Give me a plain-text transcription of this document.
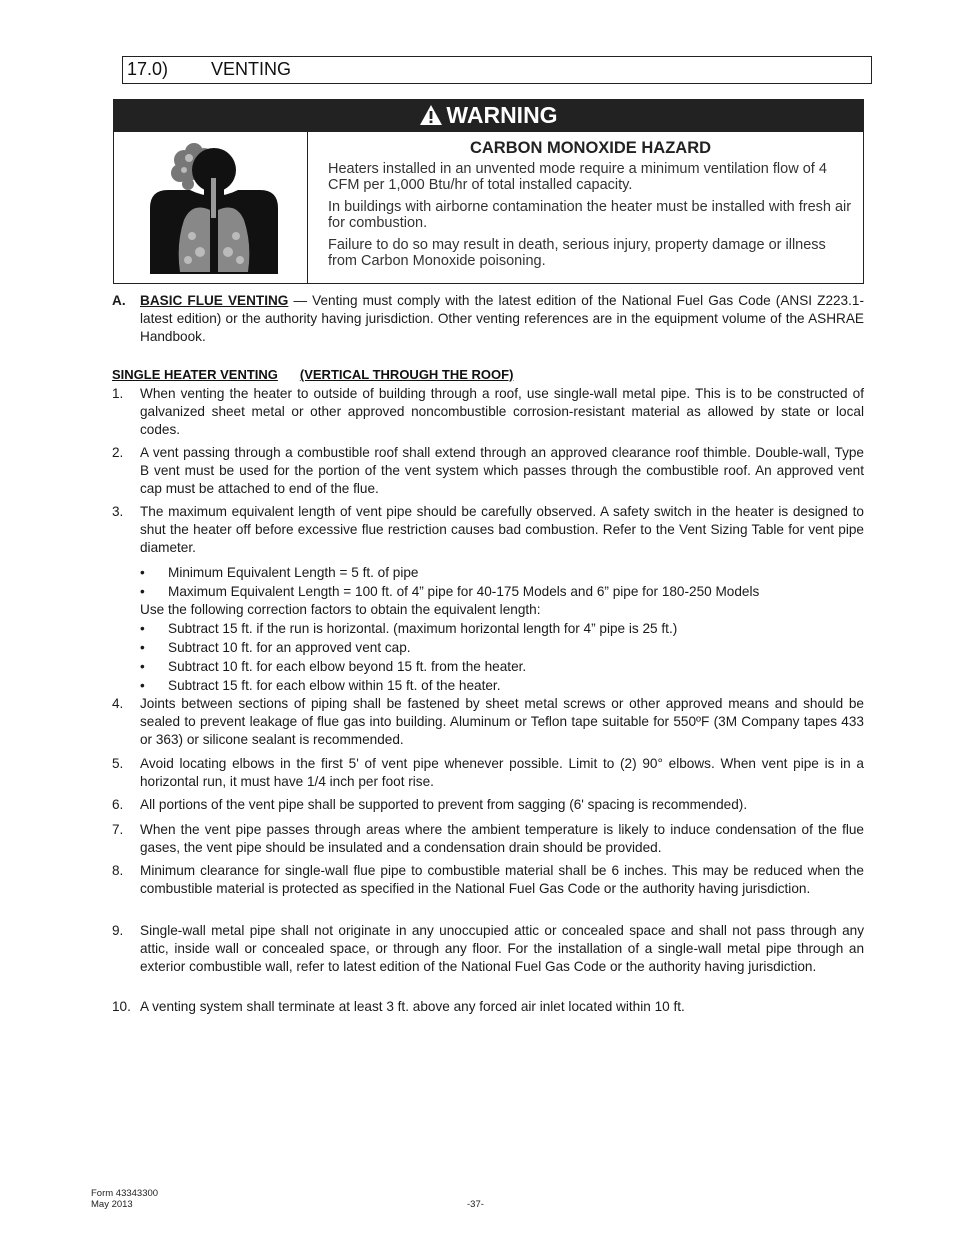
17.0) VENTING
WARNING
CARBON MONOXIDE HAZARD

Heaters installed in an unvented mode require a minimum ventilation flow of 4 CFM per 1,000 Btu/hr of total installed capacity.

In buildings with airborne contamination the heater must be installed with fresh air for combustion.

Failure to do so may result in death, serious injury, property damage or illness from Carbon Monoxide poisoning.

A.	BASIC FLUE VENTING — Venting must comply with the latest edition of the National Fuel Gas Code (ANSI Z223.1-latest edition) or the authority having jurisdiction. Other venting references are in the equipment volume of the ASHRAE Handbook.
SINGLE HEATER VENTING (VERTICAL THROUGH THE ROOF)
1.	When venting the heater to outside of building through a roof, use single-wall metal pipe. This is to be constructed of galvanized sheet metal or other approved noncombustible corrosion-resistant material as allowed by state or local codes.
2.	A vent passing through a combustible roof shall extend through an approved clearance roof thimble. Double-wall, Type B vent must be used for the portion of the vent system which passes through the combustible roof. An approved vent cap must be attached to end of the flue.
3.	The maximum equivalent length of vent pipe should be carefully observed. A safety switch in the heater is designed to shut the heater off before excessive flue restriction causes bad combustion. Refer to the Vent Sizing Table for vent pipe diameter.
• Minimum Equivalent Length = 5 ft. of pipe
• Maximum Equivalent Length = 100 ft. of 4” pipe for 40-175 Models and 6” pipe for 180-250 Models
Use the following correction factors to obtain the equivalent length:
• Subtract 15 ft. if the run is horizontal. (maximum horizontal length for 4” pipe is 25 ft.)
• Subtract 10 ft. for an approved vent cap.
• Subtract 10 ft. for each elbow beyond 15 ft. from the heater.
• Subtract 15 ft. for each elbow within 15 ft. of the heater.
4.	Joints between sections of piping shall be fastened by sheet metal screws or other approved means and should be sealed to prevent leakage of flue gas into building. Aluminum or Teflon tape suitable for 550ºF (3M Company tapes 433 or 363) or silicone sealant is recommended.
5.	Avoid locating elbows in the first 5' of vent pipe whenever possible. Limit to (2) 90° elbows. When vent pipe is in a horizontal run, it must have 1/4 inch per foot rise.
6.	All portions of the vent pipe shall be supported to prevent from sagging (6' spacing is recommended).
7.	When the vent pipe passes through areas where the ambient temperature is likely to induce condensation of the flue gases, the vent pipe should be insulated and a condensation drain should be provided.
8.	Minimum clearance for single-wall flue pipe to combustible material shall be 6 inches. This may be reduced when the combustible material is protected as specified in the National Fuel Gas Code or the authority having jurisdiction.
9.	Single-wall metal pipe shall not originate in any unoccupied attic or concealed space and shall not pass through any attic, inside wall or concealed space, or through any floor. For the installation of a single-wall metal pipe through an exterior combustible wall, refer to latest edition of the National Fuel Gas Code or the authority having jurisdiction.
10. A venting system shall terminate at least 3 ft. above any forced air inlet located within 10 ft.
Form 43343300
May 2013	-37-
